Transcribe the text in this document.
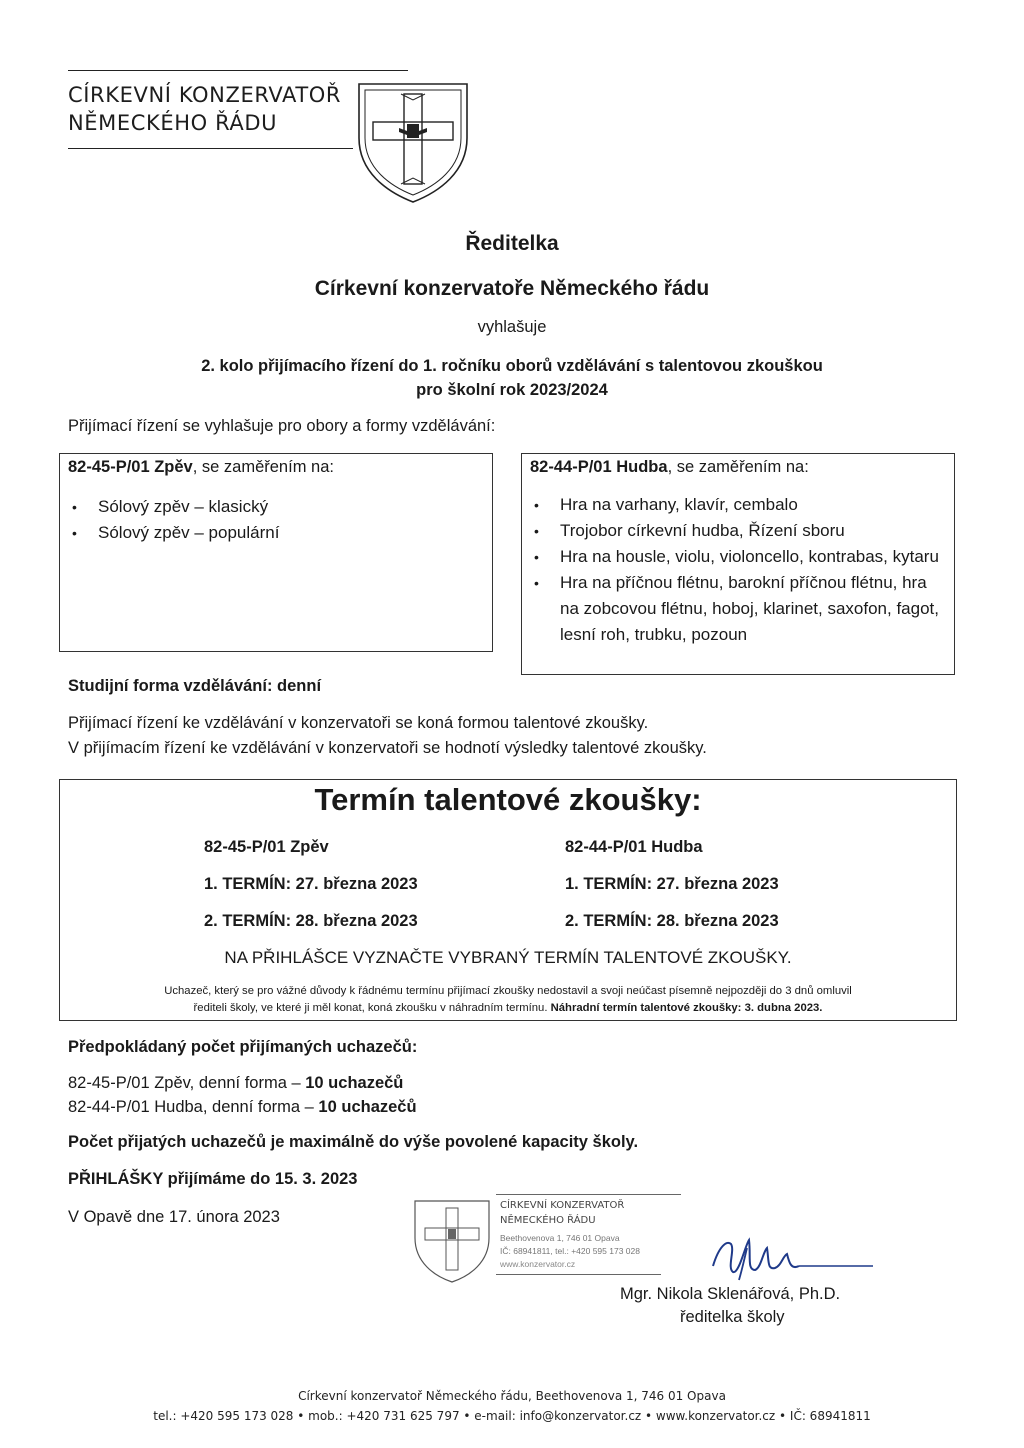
CÍRKEVNÍ KONZERVATOŘ
NĚMECKÉHO ŘÁDU
Ředitelka
Církevní konzervatoře Německého řádu
vyhlašuje
2. kolo přijímacího řízení do 1. ročníku oborů vzdělávání s talentovou zkouškou
pro školní rok 2023/2024
Přijímací řízení se vyhlašuje pro obory a formy vzdělávání:
82-45-P/01 Zpěv, se zaměřením na:
• Sólový zpěv – klasický
• Sólový zpěv – populární
82-44-P/01 Hudba, se zaměřením na:
• Hra na varhany, klavír, cembalo
• Trojobor církevní hudba, Řízení sboru
• Hra na housle, violu, violoncello, kontrabas, kytaru
• Hra na příčnou flétnu, barokní příčnou flétnu, hra na zobcovou flétnu, hoboj, klarinet, saxofon, fagot, lesní roh, trubku, pozoun
Studijní forma vzdělávání: denní
Přijímací řízení ke vzdělávání v konzervatoři se koná formou talentové zkoušky.
V přijímacím řízení ke vzdělávání v konzervatoři se hodnotí výsledky talentové zkoušky.
Termín talentové zkoušky:
82-45-P/01 Zpěv
1. TERMÍN: 27. března 2023
2. TERMÍN: 28. března 2023
82-44-P/01 Hudba
1. TERMÍN: 27. března 2023
2. TERMÍN: 28. března 2023
NA PŘIHLÁŠCE VYZNAČTE VYBRANÝ TERMÍN TALENTOVÉ ZKOUŠKY.
Uchazeč, který se pro vážné důvody k řádnému termínu přijímací zkoušky nedostavil a svoji neúčast písemně nejpozději do 3 dnů omluvil
řediteli školy, ve které ji měl konat, koná zkoušku v náhradním termínu. Náhradní termín talentové zkoušky: 3. dubna 2023.
Předpokládaný počet přijímaných uchazečů:
82-45-P/01 Zpěv, denní forma – 10 uchazečů
82-44-P/01 Hudba, denní forma – 10 uchazečů
Počet přijatých uchazečů je maximálně do výše povolené kapacity školy.
PŘIHLÁŠKY přijímáme do 15. 3. 2023
V Opavě dne 17. února 2023
CÍRKEVNÍ KONZERVATOŘ
NĚMECKÉHO ŘÁDU
Beethovenova 1, 746 01 Opava
IČ: 68941811, tel.: +420 595 173 028
www.konzervator.cz
Mgr. Nikola Sklenářová, Ph.D.
ředitelka školy
Církevní konzervatoř Německého řádu, Beethovenova 1, 746 01 Opava
tel.: +420 595 173 028 • mob.: +420 731 625 797 • e-mail: info@konzervator.cz • www.konzervator.cz • IČ: 68941811
